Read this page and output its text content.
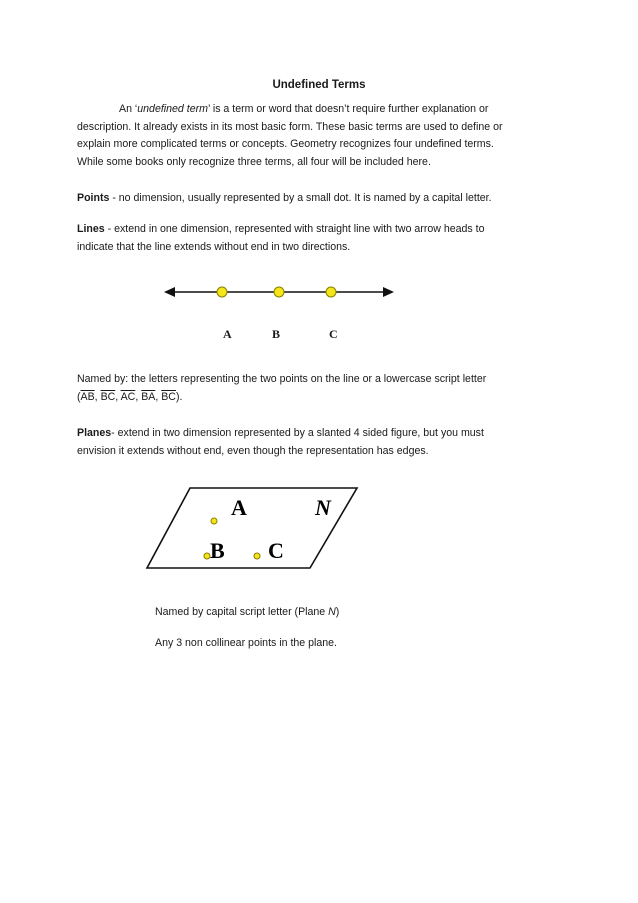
Undefined Terms

An ‘undefined term’ is a term or word that doesn’t require further explanation or

description. It already exists in its most basic form. These basic terms are used to define or

explain more complicated terms or concepts. Geometry recognizes four undefined terms.

While some books only recognize three terms, all four will be included here.

Points - no dimension, usually represented by a small dot. It is named by a capital letter.

Lines - extend in one dimension, represented with straight line with two arrow heads to

indicate that the line extends without end in two directions.

A	B	C

Named by: the letters representing the two points on the line or a lowercase script letter

($\overline{AB}$, $\overline{BC}$, $\overline{AC}$, $\overline{BA}$, $\overline{BC}$).

Planes- extend in two dimension represented by a slanted 4 sided figure, but you must

envision it extends without end, even though the representation has edges.

A	N
B C

Named by capital script letter (Plane N)

Any 3 non collinear points in the plane.
